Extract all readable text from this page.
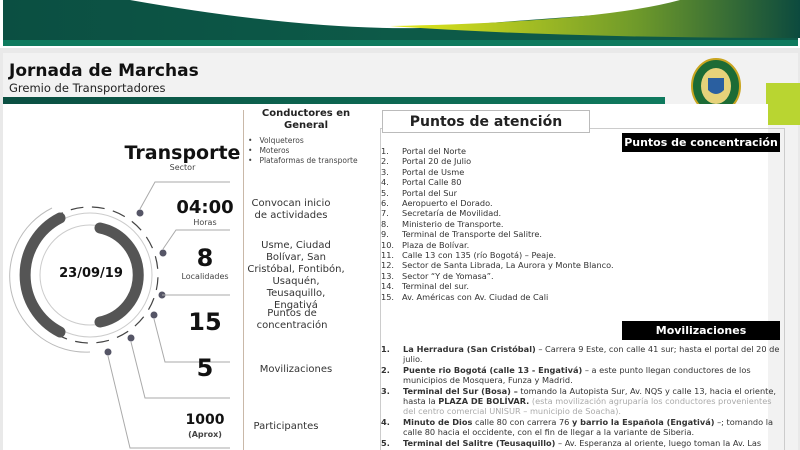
Jornada de Marchas
Gremio de Transportadores
23/09/19
Transporte
Sector
Conductores en General
• Volqueteros
• Moteros
• Plataformas de transporte
04:00
Horas
Convocan inicio de actividades
8
Localidades
Usme, Ciudad Bolívar, San Cristóbal, Fontibón, Usaquén, Teusaquillo, Engativá
15	Puntos de concentración
5	Movilizaciones
1000
(Aprox)
Participantes
Puntos de atención
Puntos de concentración
1. Portal del Norte
2. Portal 20 de Julio
3. Portal de Usme
4. Portal Calle 80
5. Portal del Sur
6. Aeropuerto el Dorado.
7. Secretaría de Movilidad.
8. Ministerio de Transporte.
9. Terminal de Transporte del Salitre.
10. Plaza de Bolívar.
11. Calle 13 con 135 (río Bogotá) – Peaje.
12. Sector de Santa Librada, La Aurora y Monte Blanco.
13. Sector “Y de Yomasa”.
14. Terminal del sur.
15. Av. Américas con Av. Ciudad de Cali
Movilizaciones
1.	La Herradura (San Cristóbal) – Carrera 9 Este, con calle 41 sur; hasta el portal del 20 de julio.
2.	Puente rio Bogotá (calle 13 - Engativá) – a este punto llegan conductores de los municipios de Mosquera, Funza y Madrid.
3.	Terminal del Sur (Bosa) – tomando la Autopista Sur, Av. NQS y calle 13, hacia el oriente, hasta la PLAZA DE BOLÍVAR. (esta movilización agruparía los conductores provenientes del centro comercial UNISUR – municipio de Soacha).
4.	Minuto de Dios calle 80 con carrera 76 y barrio la Española (Engativá) –; tomando la calle 80 hacia el occidente, con el fin de llegar a la variante de Siberia.
5.	Terminal del Salitre (Teusaquillo) – Av. Esperanza al oriente, luego toman la Av. Las
